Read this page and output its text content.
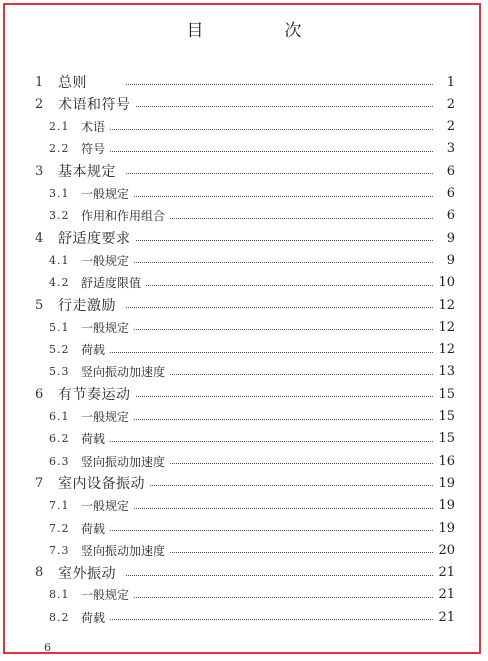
目　次
1 总则	1
2 术语和符号	2
2.1 术语	2
2.2 符号	3
3 基本规定	6
3.1 一般规定	6
3.2 作用和作用组合	6
4 舒适度要求	9
4.1 一般规定	9
4.2 舒适度限值	10
5 行走激励	12
5.1 一般规定	12
5.2 荷载	12
5.3 竖向振动加速度	13
6 有节奏运动	15
6.1 一般规定	15
6.2 荷载	15
6.3 竖向振动加速度	16
7 室内设备振动	19
7.1 一般规定	19
7.2 荷载	19
7.3 竖向振动加速度	20
8 室外振动	21
8.1 一般规定	21
8.2 荷载	21
6
